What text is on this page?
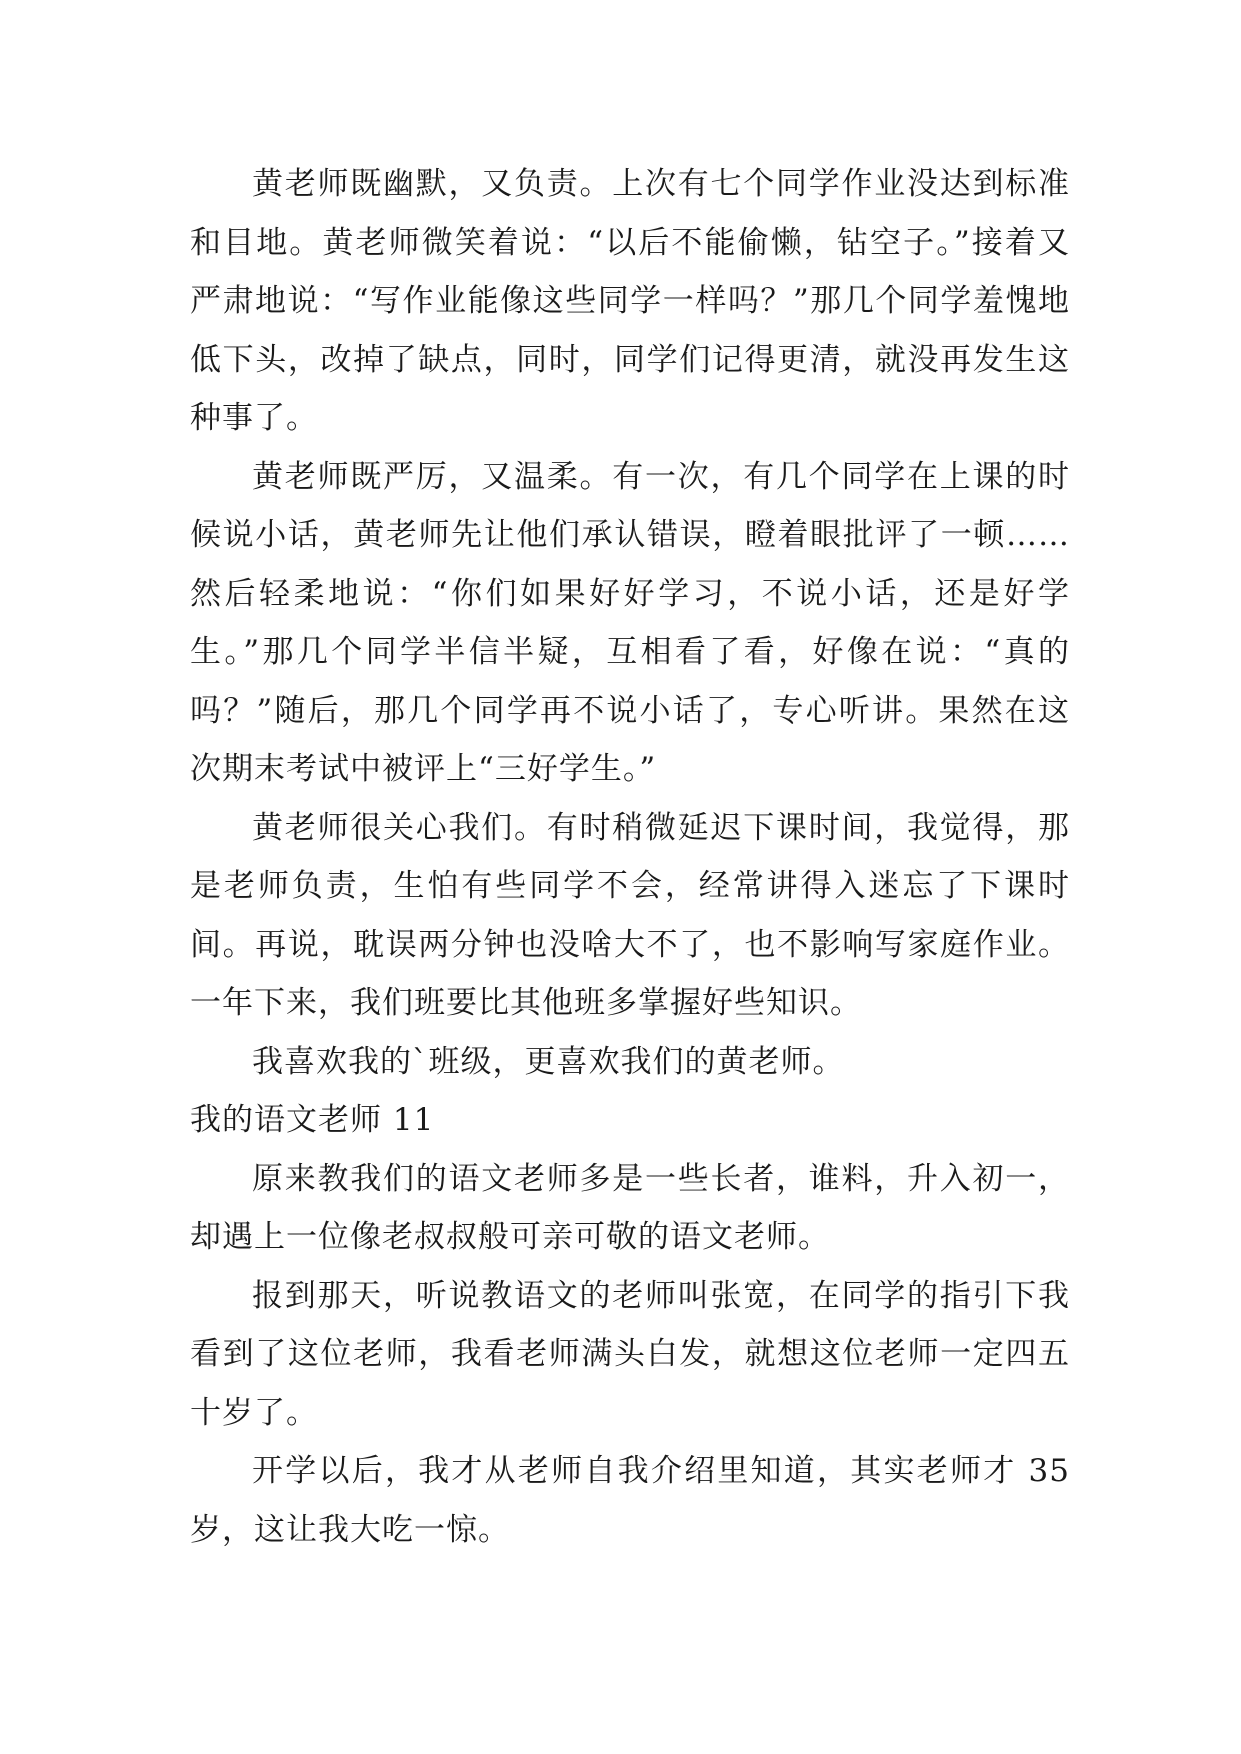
黄老师既幽默，又负责。上次有七个同学作业没达到标准和目地。黄老师微笑着说：“以后不能偷懒，钻空子。”接着又严肃地说：“写作业能像这些同学一样吗？”那几个同学羞愧地低下头，改掉了缺点，同时，同学们记得更清，就没再发生这种事了。

黄老师既严厉，又温柔。有一次，有几个同学在上课的时候说小话，黄老师先让他们承认错误，瞪着眼批评了一顿……然后轻柔地说：“你们如果好好学习，不说小话，还是好学生。”那几个同学半信半疑，互相看了看，好像在说：“真的吗？”随后，那几个同学再不说小话了，专心听讲。果然在这次期末考试中被评上“三好学生。”

黄老师很关心我们。有时稍微延迟下课时间，我觉得，那是老师负责，生怕有些同学不会，经常讲得入迷忘了下课时间。再说，耽误两分钟也没啥大不了，也不影响写家庭作业。一年下来，我们班要比其他班多掌握好些知识。

我喜欢我的`班级，更喜欢我们的黄老师。

我的语文老师 11

原来教我们的语文老师多是一些长者，谁料，升入初一，却遇上一位像老叔叔般可亲可敬的语文老师。

报到那天，听说教语文的老师叫张宽，在同学的指引下我看到了这位老师，我看老师满头白发，就想这位老师一定四五十岁了。

开学以后，我才从老师自我介绍里知道，其实老师才 35 岁，这让我大吃一惊。
